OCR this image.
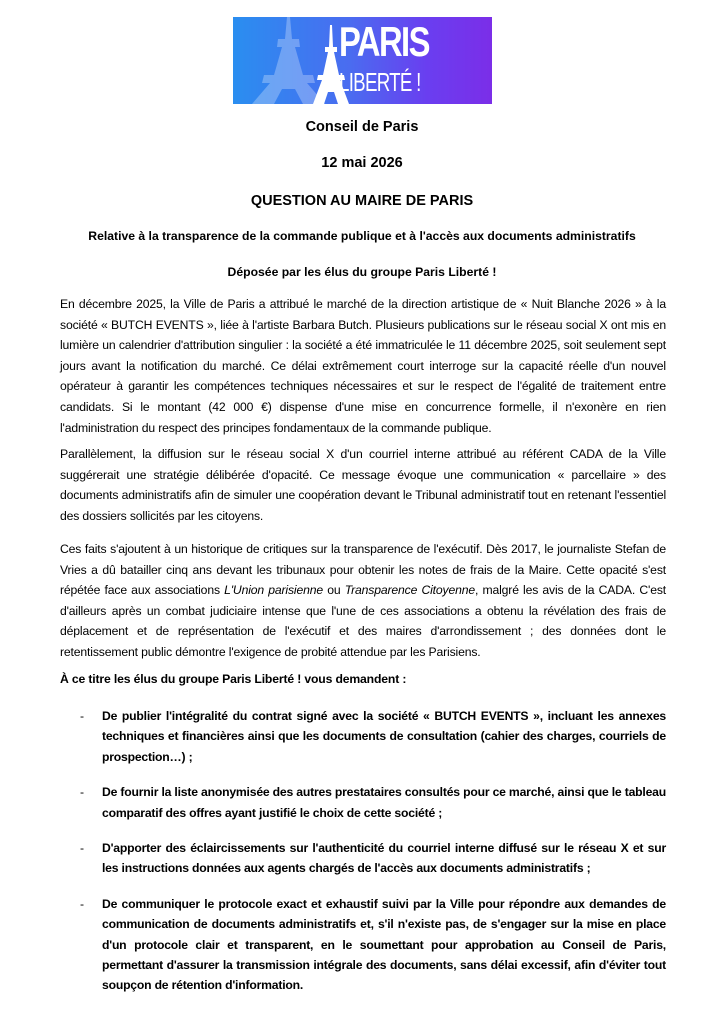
PARIS
LIBERTÉ !

Conseil de Paris

12 mai 2026

QUESTION AU MAIRE DE PARIS

Relative à la transparence de la commande publique et à l'accès aux documents administratifs

Déposée par les élus du groupe Paris Liberté !

En décembre 2025, la Ville de Paris a attribué le marché de la direction artistique de « Nuit Blanche 2026 » à la société « BUTCH EVENTS », liée à l'artiste Barbara Butch. Plusieurs publications sur le réseau social X ont mis en lumière un calendrier d'attribution singulier : la société a été immatriculée le 11 décembre 2025, soit seulement sept jours avant la notification du marché. Ce délai extrêmement court interroge sur la capacité réelle d'un nouvel opérateur à garantir les compétences techniques nécessaires et sur le respect de l'égalité de traitement entre candidats. Si le montant (42 000 €) dispense d'une mise en concurrence formelle, il n'exonère en rien l'administration du respect des principes fondamentaux de la commande publique.

Parallèlement, la diffusion sur le réseau social X d'un courriel interne attribué au référent CADA de la Ville suggérerait une stratégie délibérée d'opacité. Ce message évoque une communication « parcellaire » des documents administratifs afin de simuler une coopération devant le Tribunal administratif tout en retenant l'essentiel des dossiers sollicités par les citoyens.

Ces faits s'ajoutent à un historique de critiques sur la transparence de l'exécutif. Dès 2017, le journaliste Stefan de Vries a dû batailler cinq ans devant les tribunaux pour obtenir les notes de frais de la Maire. Cette opacité s'est répétée face aux associations L'Union parisienne ou Transparence Citoyenne, malgré les avis de la CADA. C'est d'ailleurs après un combat judiciaire intense que l'une de ces associations a obtenu la révélation des frais de déplacement et de représentation de l'exécutif et des maires d'arrondissement ; des données dont le retentissement public démontre l'exigence de probité attendue par les Parisiens.

À ce titre les élus du groupe Paris Liberté ! vous demandent :

- De publier l'intégralité du contrat signé avec la société « BUTCH EVENTS », incluant les annexes techniques et financières ainsi que les documents de consultation (cahier des charges, courriels de prospection…) ;
- De fournir la liste anonymisée des autres prestataires consultés pour ce marché, ainsi que le tableau comparatif des offres ayant justifié le choix de cette société ;
- D'apporter des éclaircissements sur l'authenticité du courriel interne diffusé sur le réseau X et sur les instructions données aux agents chargés de l'accès aux documents administratifs ;
- De communiquer le protocole exact et exhaustif suivi par la Ville pour répondre aux demandes de communication de documents administratifs et, s'il n'existe pas, de s'engager sur la mise en place d'un protocole clair et transparent, en le soumettant pour approbation au Conseil de Paris, permettant d'assurer la transmission intégrale des documents, sans délai excessif, afin d'éviter tout soupçon de rétention d'information.
